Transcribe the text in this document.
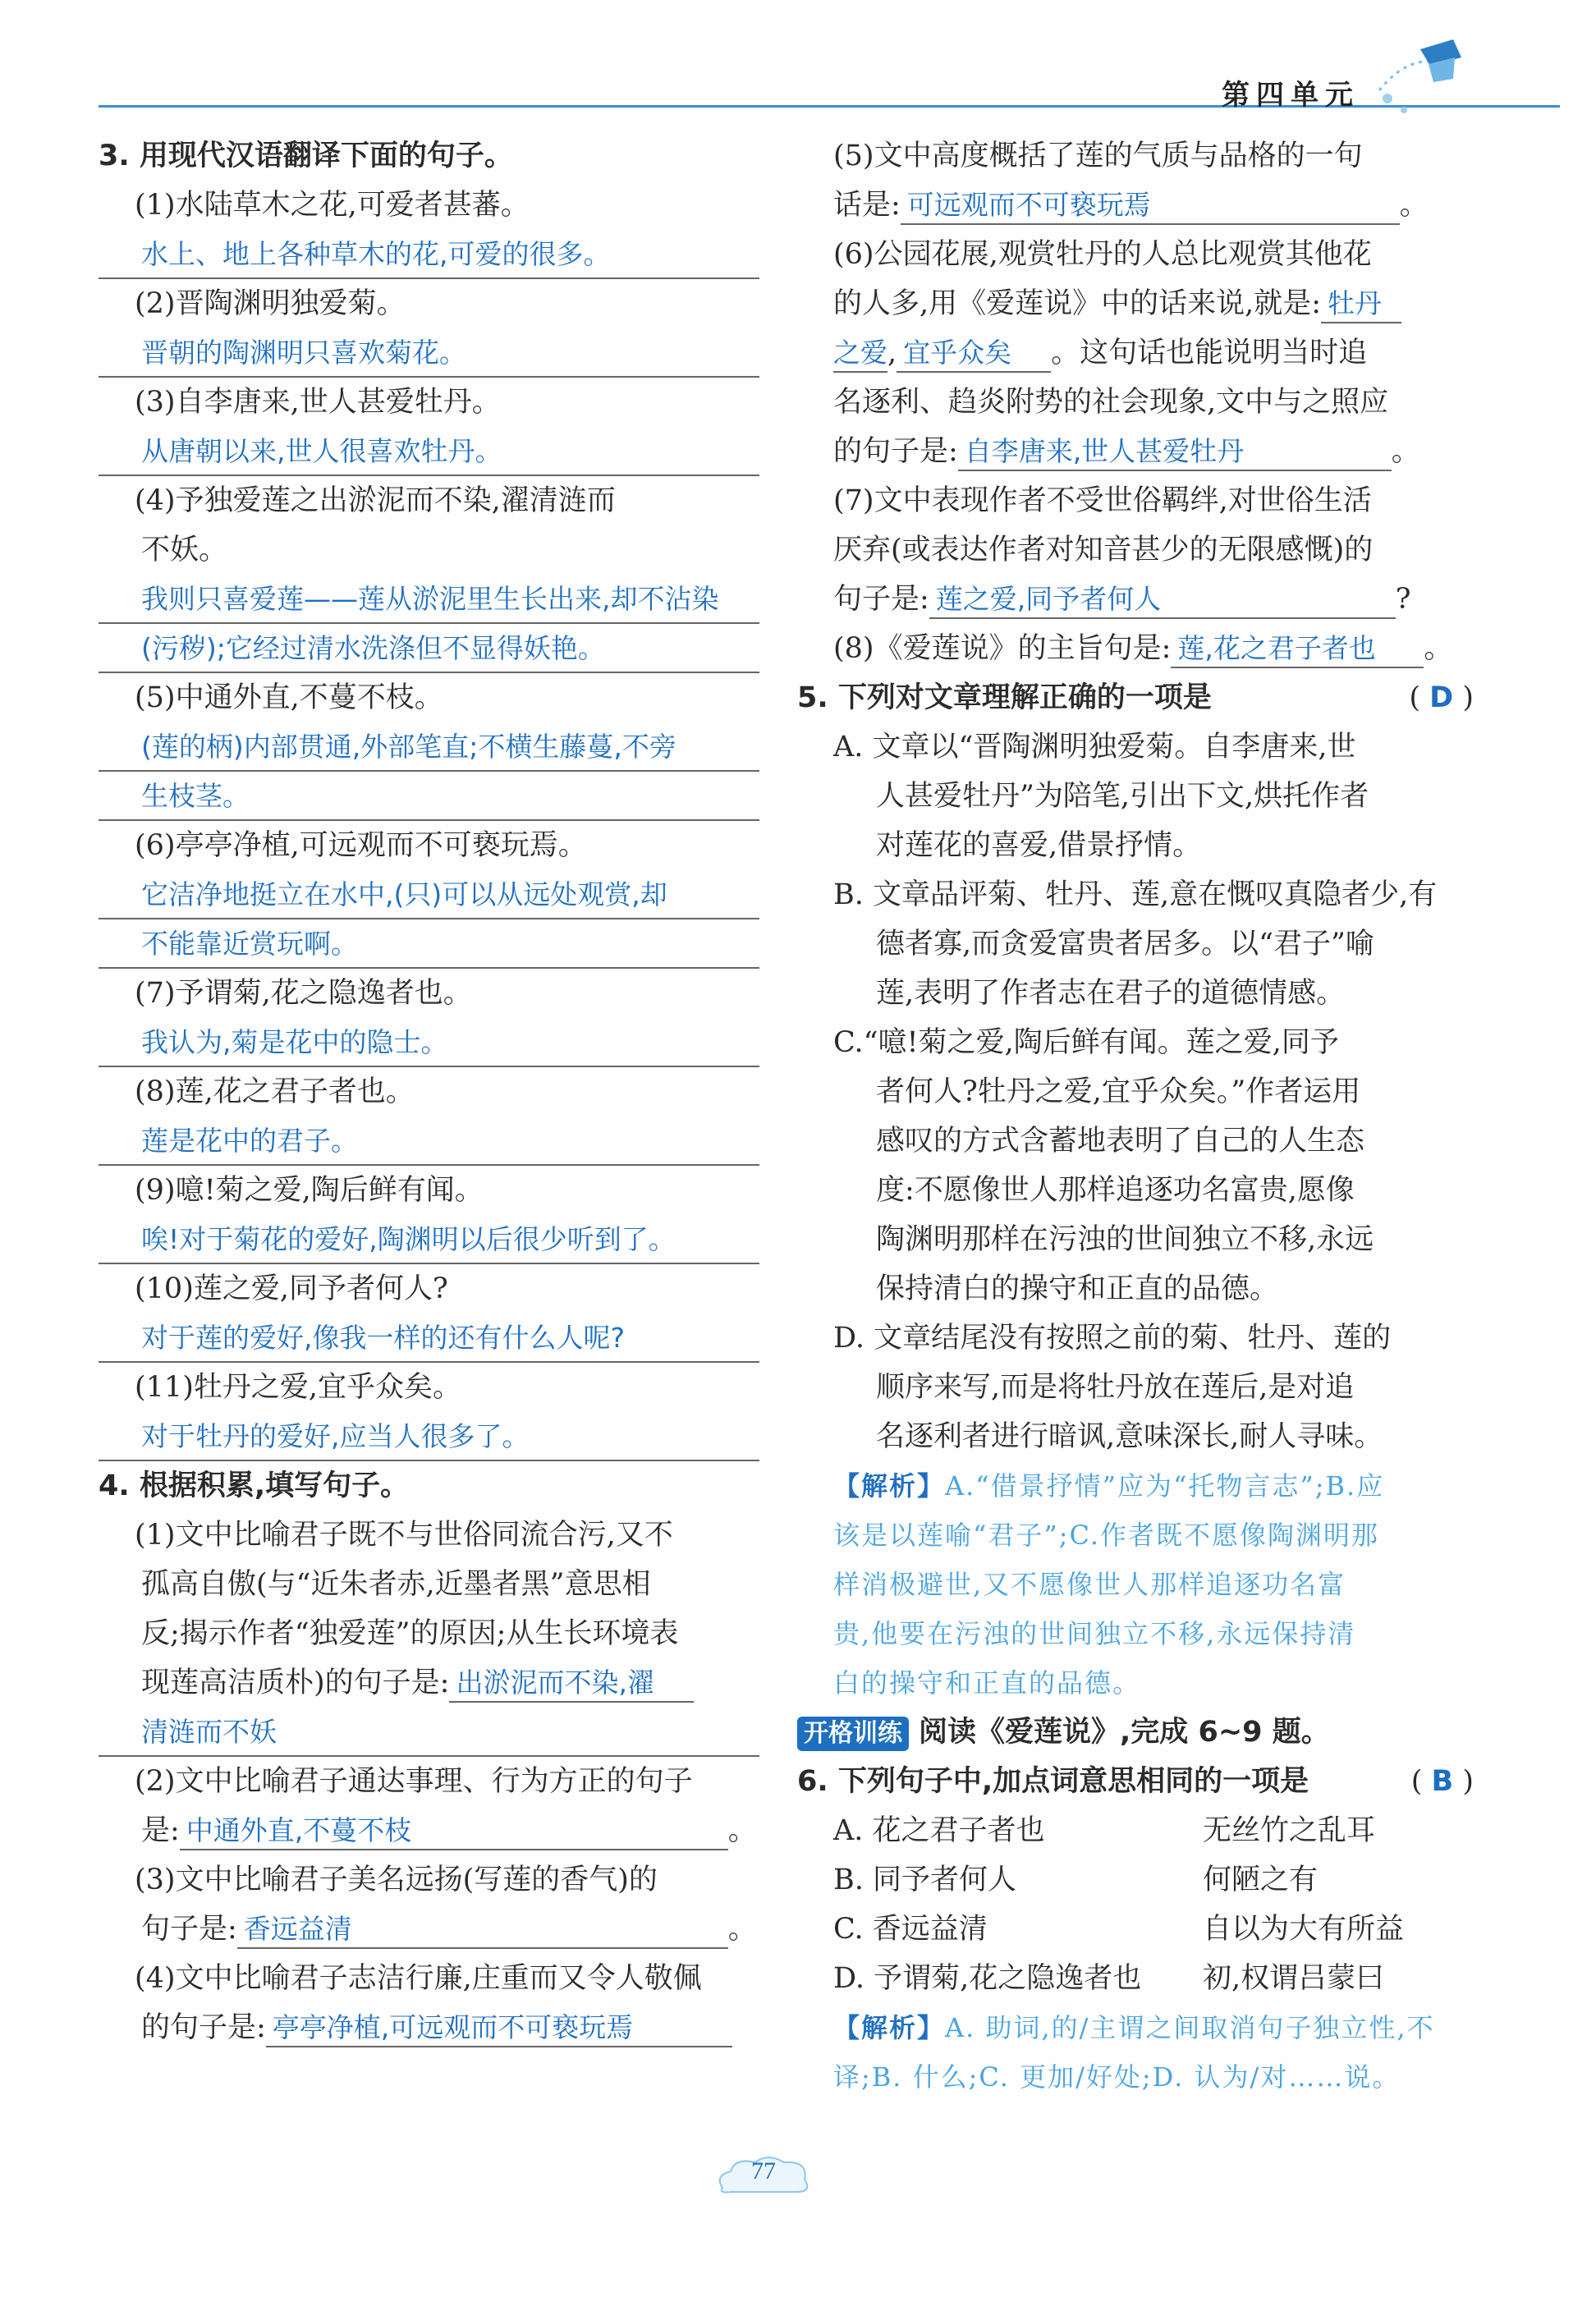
第四单元
3. 用现代汉语翻译下面的句子。
(1)水陆草木之花,可爱者甚蕃。
水上、地上各种草木的花,可爱的很多。
(2)晋陶渊明独爱菊。
晋朝的陶渊明只喜欢菊花。
(3)自李唐来,世人甚爱牡丹。
从唐朝以来,世人很喜欢牡丹。
(4)予独爱莲之出淤泥而不染,濯清涟而
不妖。
我则只喜爱莲——莲从淤泥里生长出来,却不沾染
(污秽);它经过清水洗涤但不显得妖艳。
(5)中通外直,不蔓不枝。
(莲的柄)内部贯通,外部笔直;不横生藤蔓,不旁
生枝茎。
(6)亭亭净植,可远观而不可亵玩焉。
它洁净地挺立在水中,(只)可以从远处观赏,却
不能靠近赏玩啊。
(7)予谓菊,花之隐逸者也。
我认为,菊是花中的隐士。
(8)莲,花之君子者也。
莲是花中的君子。
(9)噫!菊之爱,陶后鲜有闻。
唉!对于菊花的爱好,陶渊明以后很少听到了。
(10)莲之爱,同予者何人?
对于莲的爱好,像我一样的还有什么人呢?
(11)牡丹之爱,宜乎众矣。
对于牡丹的爱好,应当人很多了。
4. 根据积累,填写句子。
(1)文中比喻君子既不与世俗同流合污,又不
孤高自傲(与“近朱者赤,近墨者黑”意思相
反;揭示作者“独爱莲”的原因;从生长环境表
现莲高洁质朴)的句子是: 出淤泥而不染,濯
清涟而不妖
(2)文中比喻君子通达事理、行为方正的句子
是: 中通外直,不蔓不枝	。
(3)文中比喻君子美名远扬(写莲的香气)的
句子是: 香远益清	。
(4)文中比喻君子志洁行廉,庄重而又令人敬佩
的句子是: 亭亭净植,可远观而不可亵玩焉
(5)文中高度概括了莲的气质与品格的一句
话是: 可远观而不可亵玩焉	。
(6)公园花展,观赏牡丹的人总比观赏其他花
的人多,用《爱莲说》中的话来说,就是: 牡丹
之爱, 宜乎众矣 。这句话也能说明当时追
名逐利、趋炎附势的社会现象,文中与之照应
的句子是: 自李唐来,世人甚爱牡丹	。
(7)文中表现作者不受世俗羁绊,对世俗生活
厌弃(或表达作者对知音甚少的无限感慨)的
句子是: 莲之爱,同予者何人	?
(8)《爱莲说》的主旨句是: 莲,花之君子者也 。
5. 下列对文章理解正确的一项是	( D )
A. 文章以“晋陶渊明独爱菊。自李唐来,世
人甚爱牡丹”为陪笔,引出下文,烘托作者
对莲花的喜爱,借景抒情。
B. 文章品评菊、牡丹、莲,意在慨叹真隐者少,有
德者寡,而贪爱富贵者居多。以“君子”喻
莲,表明了作者志在君子的道德情感。
C.“噫!菊之爱,陶后鲜有闻。莲之爱,同予
者何人?牡丹之爱,宜乎众矣。”作者运用
感叹的方式含蓄地表明了自己的人生态
度:不愿像世人那样追逐功名富贵,愿像
陶渊明那样在污浊的世间独立不移,永远
保持清白的操守和正直的品德。
D. 文章结尾没有按照之前的菊、牡丹、莲的
顺序来写,而是将牡丹放在莲后,是对追
名逐利者进行暗讽,意味深长,耐人寻味。
【解析】A.“借景抒情”应为“托物言志”;B.应
该是以莲喻“君子”;C.作者既不愿像陶渊明那
样消极避世,又不愿像世人那样追逐功名富
贵,他要在污浊的世间独立不移,永远保持清
白的操守和正直的品德。
开格训练 阅读《爱莲说》,完成 6~9 题。
6. 下列句子中,加点词意思相同的一项是	( B )
A. 花之君子者也	无丝竹之乱耳
B. 同予者何人	何陋之有
C. 香远益清	自以为大有所益
D. 予谓菊,花之隐逸者也 初,权谓吕蒙曰
【解析】A. 助词,的/主谓之间取消句子独立性,不
译;B. 什么;C. 更加/好处;D. 认为/对……说。
77
